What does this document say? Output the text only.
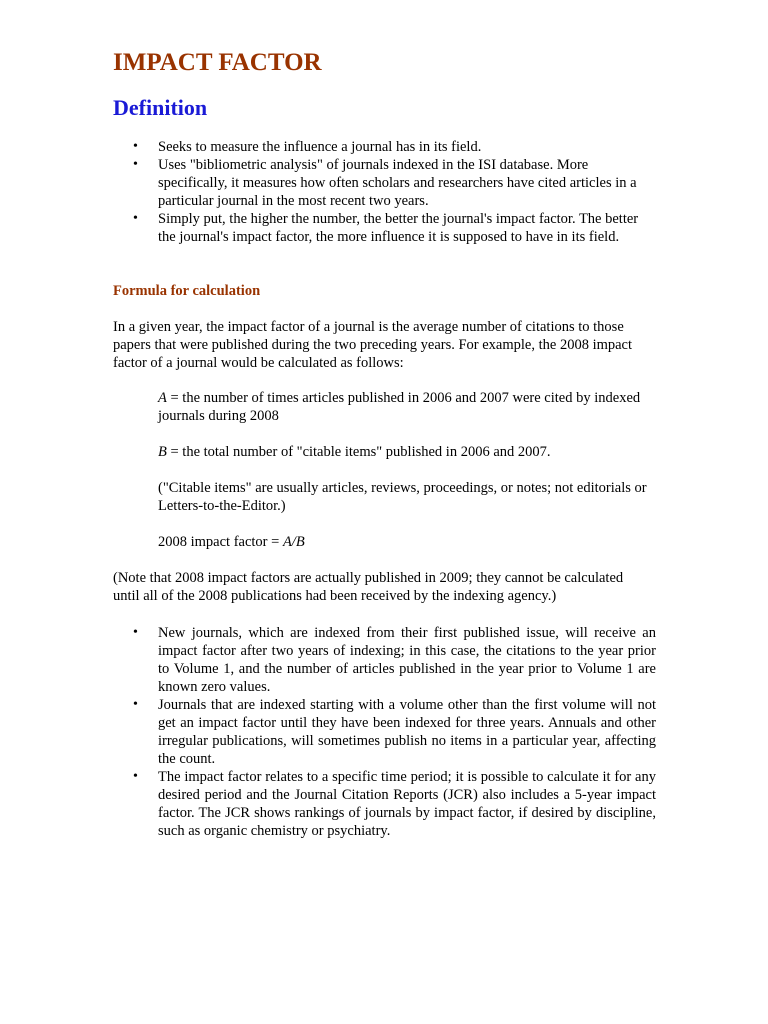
IMPACT FACTOR
Definition
• Seeks to measure the influence a journal has in its field.
• Uses "bibliometric analysis" of journals indexed in the ISI database. More specifically, it measures how often scholars and researchers have cited articles in a particular journal in the most recent two years.
• Simply put, the higher the number, the better the journal's impact factor. The better the journal's impact factor, the more influence it is supposed to have in its field.
Formula for calculation

In a given year, the impact factor of a journal is the average number of citations to those papers that were published during the two preceding years. For example, the 2008 impact factor of a journal would be calculated as follows:

A = the number of times articles published in 2006 and 2007 were cited by indexed journals during 2008

B = the total number of "citable items" published in 2006 and 2007.

("Citable items" are usually articles, reviews, proceedings, or notes; not editorials or Letters-to-the-Editor.)

2008 impact factor = A/B

(Note that 2008 impact factors are actually published in 2009; they cannot be calculated until all of the 2008 publications had been received by the indexing agency.)

• New journals, which are indexed from their first published issue, will receive an impact factor after two years of indexing; in this case, the citations to the year prior to Volume 1, and the number of articles published in the year prior to Volume 1 are known zero values.
• Journals that are indexed starting with a volume other than the first volume will not get an impact factor until they have been indexed for three years. Annuals and other irregular publications, will sometimes publish no items in a particular year, affecting the count.
• The impact factor relates to a specific time period; it is possible to calculate it for any desired period and the Journal Citation Reports (JCR) also includes a 5-year impact factor. The JCR shows rankings of journals by impact factor, if desired by discipline, such as organic chemistry or psychiatry.
